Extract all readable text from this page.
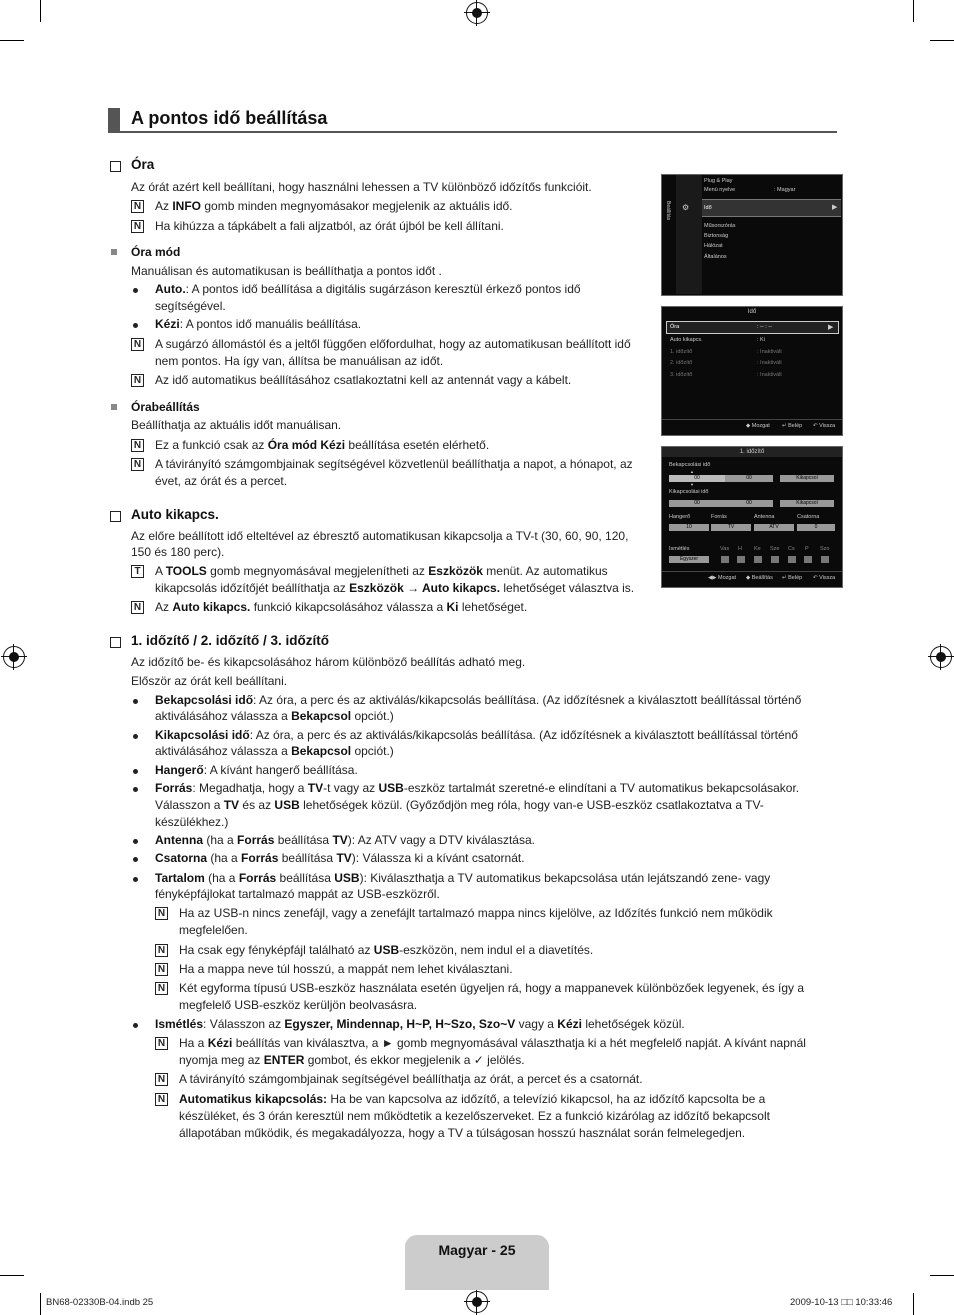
A pontos idő beállítása
Óra
Az órát azért kell beállítani, hogy használni lehessen a TV különböző időzítős funkcióit.
N Az INFO gomb minden megnyomásakor megjelenik az aktuális idő.
N Ha kihúzza a tápkábelt a fali aljzatból, az órát újból be kell állítani.
Óra mód
Manuálisan és automatikusan is beállíthatja a pontos időt .
Auto.: A pontos idő beállítása a digitális sugárzáson keresztül érkező pontos idő
segítségével.
Kézi: A pontos idő manuális beállítása.
N A sugárzó állomástól és a jeltől függően előfordulhat, hogy az automatikusan beállított idő
nem pontos. Ha így van, állítsa be manuálisan az időt.
N Az idő automatikus beállításához csatlakoztatni kell az antennát vagy a kábelt.
Órabeállítás
Beállíthatja az aktuális időt manuálisan.
N Ez a funkció csak az Óra mód Kézi beállítása esetén elérhető.
N A távirányító számgombjainak segítségével közvetlenül beállíthatja a napot, a hónapot, az
évet, az órát és a percet.
Auto kikapcs.
Az előre beállított idő elteltével az ébresztő automatikusan kikapcsolja a TV-t (30, 60, 90, 120,
150 és 180 perc).
T A TOOLS gomb megnyomásával megjelenítheti az Eszközök menüt. Az automatikus
kikapcsolás időzítőjét beállíthatja az Eszközök → Auto kikapcs. lehetőséget választva is.
N Az Auto kikapcs. funkció kikapcsolásához válassza a Ki lehetőséget.
1. időzítő / 2. időzítő / 3. időzítő
Az időzítő be- és kikapcsolásához három különböző beállítás adható meg.
Először az órát kell beállítani.
Bekapcsolási idő: Az óra, a perc és az aktiválás/kikapcsolás beállítása. (Az időzítésnek a kiválasztott beállítással történő
aktiválásához válassza a Bekapcsol opciót.)
Kikapcsolási idő: Az óra, a perc és az aktiválás/kikapcsolás beállítása. (Az időzítésnek a kiválasztott beállítással történő
aktiválásához válassza a Bekapcsol opciót.)
Hangerő: A kívánt hangerő beállítása.
Forrás: Megadhatja, hogy a TV-t vagy az USB-eszköz tartalmát szeretné-e elindítani a TV automatikus bekapcsolásakor.
Válasszon a TV és az USB lehetőségek közül. (Győződjön meg róla, hogy van-e USB-eszköz csatlakoztatva a TV-
készülékhez.)
Antenna (ha a Forrás beállítása TV): Az ATV vagy a DTV kiválasztása.
Csatorna (ha a Forrás beállítása TV): Válassza ki a kívánt csatornát.
Tartalom (ha a Forrás beállítása USB): Kiválaszthatja a TV automatikus bekapcsolása után lejátszandó zene- vagy
fényképfájlokat tartalmazó mappát az USB-eszközről.
N Ha az USB-n nincs zenefájl, vagy a zenefájlt tartalmazó mappa nincs kijelölve, az Időzítés funkció nem működik
megfelelően.
N Ha csak egy fényképfájl található az USB-eszközön, nem indul el a diavetítés.
N Ha a mappa neve túl hosszú, a mappát nem lehet kiválasztani.
N Két egyforma típusú USB-eszköz használata esetén ügyeljen rá, hogy a mappanevek különbözőek legyenek, és így a
megfelelő USB-eszköz kerüljön beolvasásra.
Ismétlés: Válasszon az Egyszer, Mindennap, H~P, H~Szo, Szo~V vagy a Kézi lehetőségek közül.
N Ha a Kézi beállítás van kiválasztva, a ► gomb megnyomásával választhatja ki a hét megfelelő napját. A kívánt napnál
nyomja meg az ENTER gombot, és ekkor megjelenik a ✓ jelölés.
N A távirányító számgombjainak segítségével beállíthatja az órát, a percet és a csatornát.
N Automatikus kikapcsolás: Ha be van kapcsolva az időzítő, a televízió kikapcsol, ha az időzítő kapcsolta be a
készüléket, és 3 órán keresztül nem működtetik a kezelőszerveket. Ez a funkció kizárólag az időzítő bekapcsolt
állapotában működik, és megakadályozza, hogy a TV a túlságosan hosszú használat során felmelegedjen.
Beállítás ⚙
Plug & Play
Menü nyelve	: Magyar
Idő	▶
Műsorszórás
Biztonság
Hálózat
Általános
Idő
Óra	: -- : --	▶
Auto kikapcs.	: Ki
1. időzítő	: Inaktivált
2. időzítő	: Inaktivált
3. időzítő	: Inaktivált
◆ Mozgat ↵ Belép ↶ Vissza
1. időzítő
Bekapcsolási idő
▲
00	00	Kikapcsol
▼
Kikapcsolási idő
00	00	Kikapcsol
Hangerő	Forrás	Antenna	Csatorna
10	TV	ATV	0
Ismétlés
Egyszer
Vas H Ke Sze Cs P Szo
◀▶ Mozgat ◆ Beállítás ↵ Belép ↶ Vissza
Magyar - 25
BN68-02330B-04.indb 25	2009-10-13 □□ 10:33:46
